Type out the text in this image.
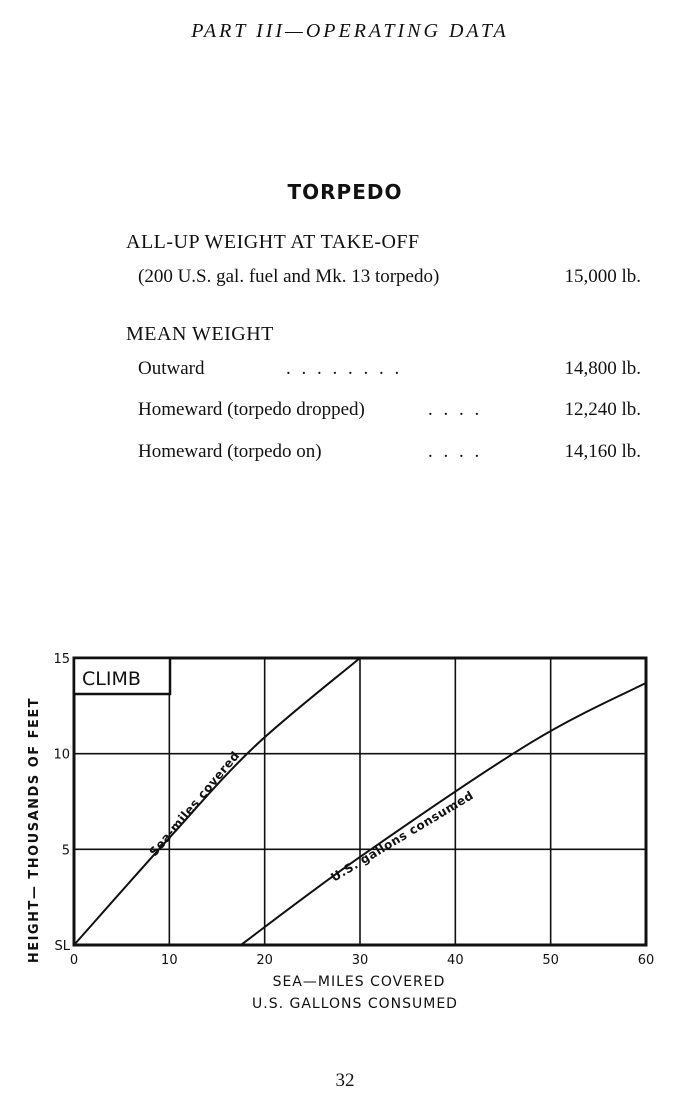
PART III—OPERATING DATA
TORPEDO
ALL-UP WEIGHT AT TAKE-OFF
(200 U.S. gal. fuel and Mk. 13 torpedo)	15,000 lb.
MEAN WEIGHT
Outward	. . . . . . . .	14,800 lb.
Homeward (torpedo dropped)	. . . .	12,240 lb.
Homeward (torpedo on)	. . . .	14,160 lb.
SL
5
10
15
0	10	20	30	40	50	60
CLIMB
HEIGHT— THOUSANDS OF FEET
SEA—MILES COVERED
U.S. GALLONS CONSUMED
Sea-miles covered	U.S. gallons consumed
32
